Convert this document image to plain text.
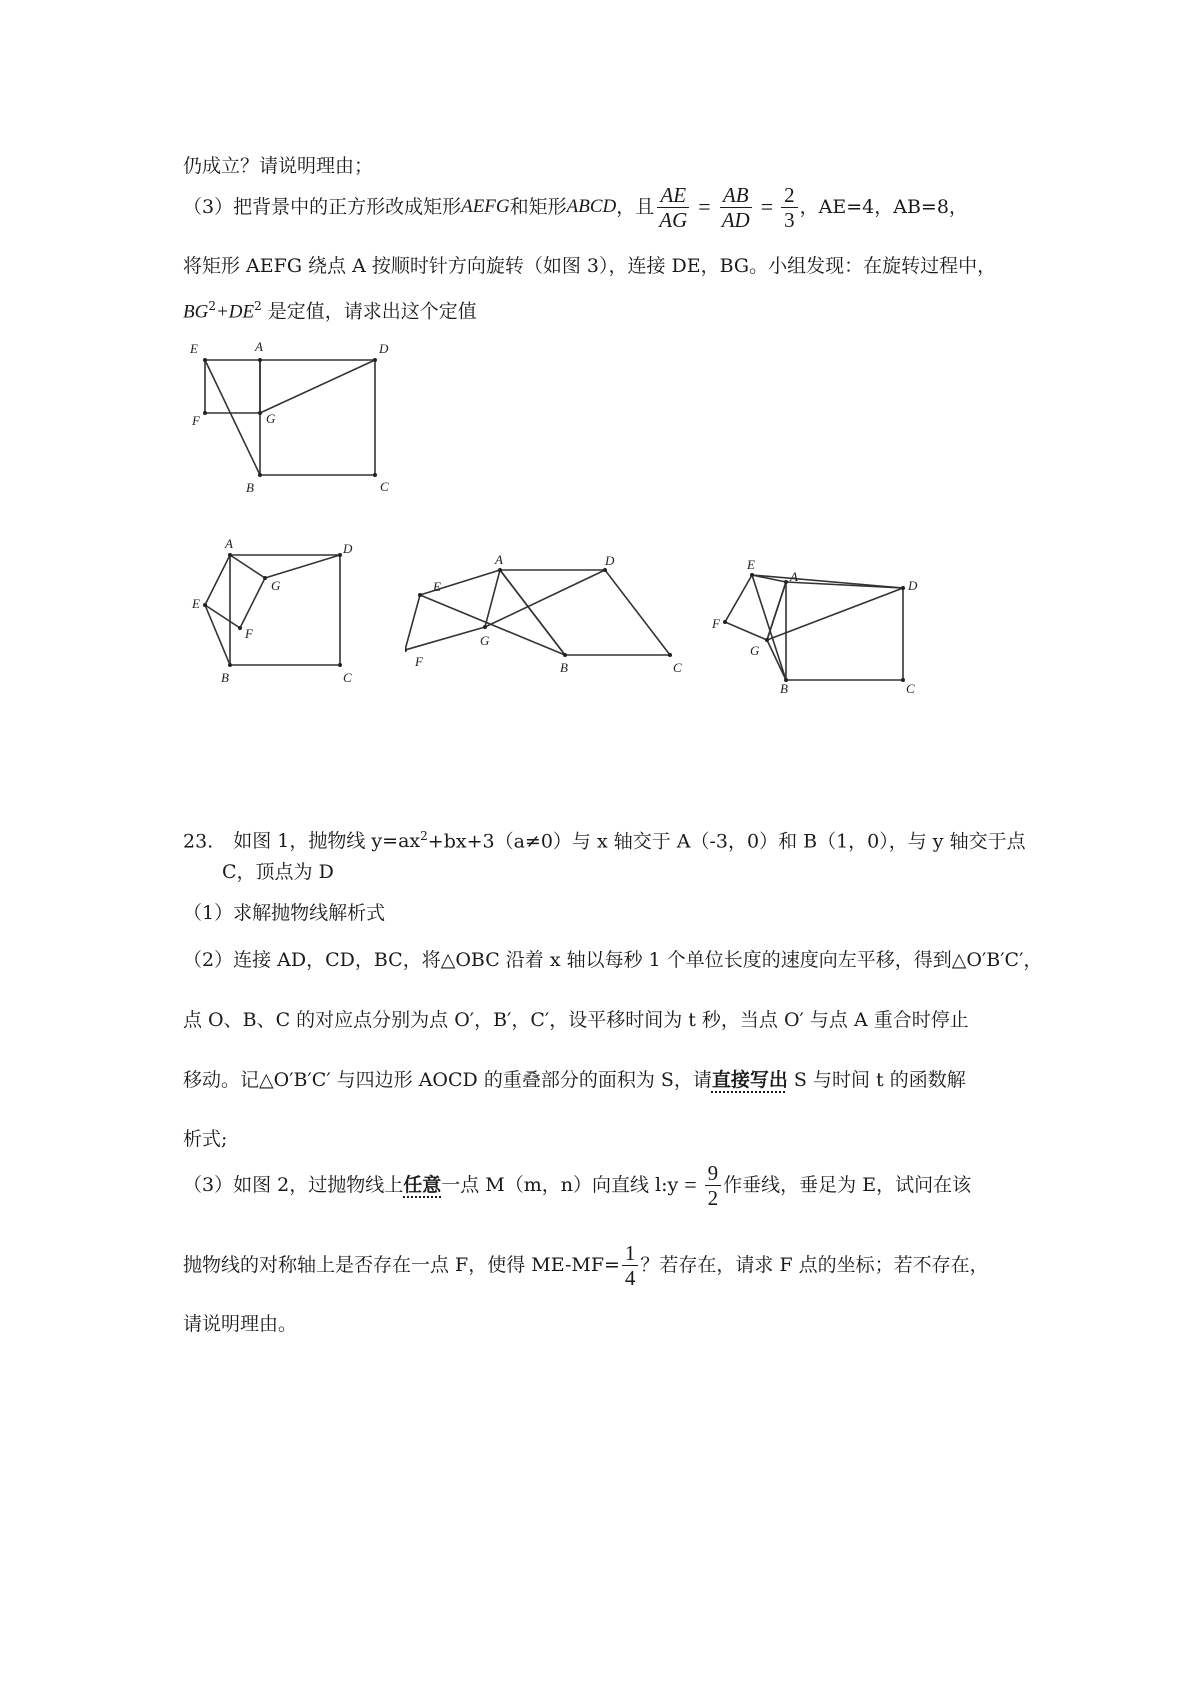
仍成立？请说明理由；
（3）把背景中的正方形改成矩形 AEFG 和矩形 ABCD ，且 $\frac{AE}{AG} = \frac{AB}{AD} = \frac{2}{3}$ ，AE=4，AB=8，
将矩形 AEFG 绕点 A 按顺时针方向旋转（如图 3），连接 DE，BG。小组发现：在旋转过程中，
$BG^2+DE^2$ 是定值，请求出这个定值
E	A	D
F	G
B	C
A	D
E
G
F
B	C
E
A	D
G
F	B	C
E
A
D
F
G
B	C
23. 如图 1，抛物线 $y=ax^2+bx+3(a\ne 0)$与 x 轴交于 A（-3，0）和 B（1，0），与 y 轴交于点
C，顶点为 D
（1）求解抛物线解析式
（2）连接 AD，CD，BC，将△OBC 沿着 x 轴以每秒 1 个单位长度的速度向左平移，得到△O′B′C′，
点 O、B、C 的对应点分别为点 O′，B′，C′，设平移时间为 t 秒，当点 O′ 与点 A 重合时停止
移动。记△O′B′C′ 与四边形 AOCD 的重叠部分的面积为 S，请直接写出 S 与时间 t 的函数解
析式;
（3）如图 2，过抛物线上 任意 一点 M（m，n）向直线 l:y = $\frac{9}{2}$ 作垂线，垂足为 E，试问在该
抛物线的对称轴上是否存在一点 F，使得 $ME-MF= \frac{1}{4}$ ？若存在，请求 F 点的坐标；若不存在，
请说明理由。
